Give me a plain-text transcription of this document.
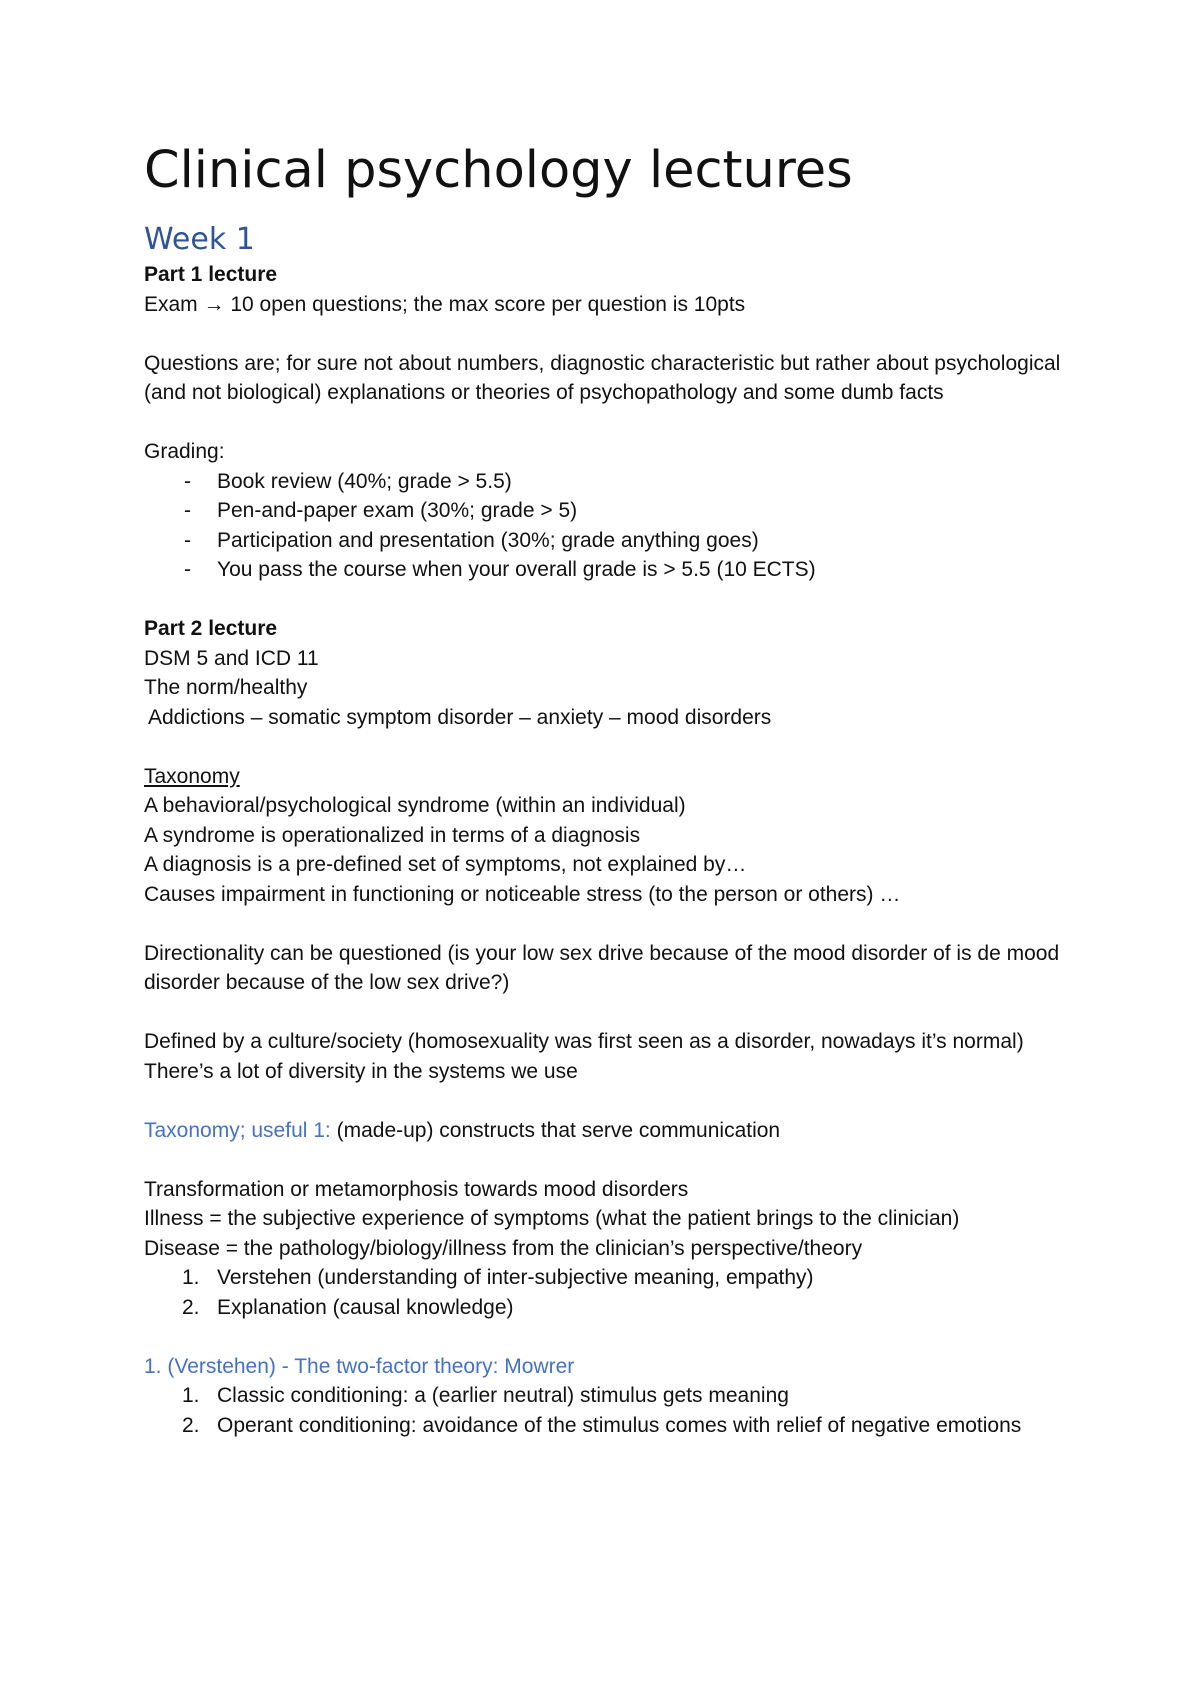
Clinical psychology lectures
Week 1

Part 1 lecture

Exam → 10 open questions; the max score per question is 10pts

Questions are; for sure not about numbers, diagnostic characteristic but rather about psychological (and not biological) explanations or theories of psychopathology and some dumb facts

Grading:

- Book review (40%; grade > 5.5)
- Pen-and-paper exam (30%; grade > 5)
- Participation and presentation (30%; grade anything goes)
- You pass the course when your overall grade is > 5.5 (10 ECTS)

Part 2 lecture

DSM 5 and ICD 11

The norm/healthy

Addictions – somatic symptom disorder – anxiety – mood disorders

Taxonomy

A behavioral/psychological syndrome (within an individual)

A syndrome is operationalized in terms of a diagnosis

A diagnosis is a pre-defined set of symptoms, not explained by…

Causes impairment in functioning or noticeable stress (to the person or others) …

Directionality can be questioned (is your low sex drive because of the mood disorder of is de mood disorder because of the low sex drive?)

Defined by a culture/society (homosexuality was first seen as a disorder, nowadays it’s normal)

There’s a lot of diversity in the systems we use

Taxonomy; useful 1: (made-up) constructs that serve communication

Transformation or metamorphosis towards mood disorders

Illness = the subjective experience of symptoms (what the patient brings to the clinician)

Disease = the pathology/biology/illness from the clinician’s perspective/theory

1. Verstehen (understanding of inter-subjective meaning, empathy)
2. Explanation (causal knowledge)

1. (Verstehen) - The two-factor theory: Mowrer

1. Classic conditioning: a (earlier neutral) stimulus gets meaning
2. Operant conditioning: avoidance of the stimulus comes with relief of negative emotions
